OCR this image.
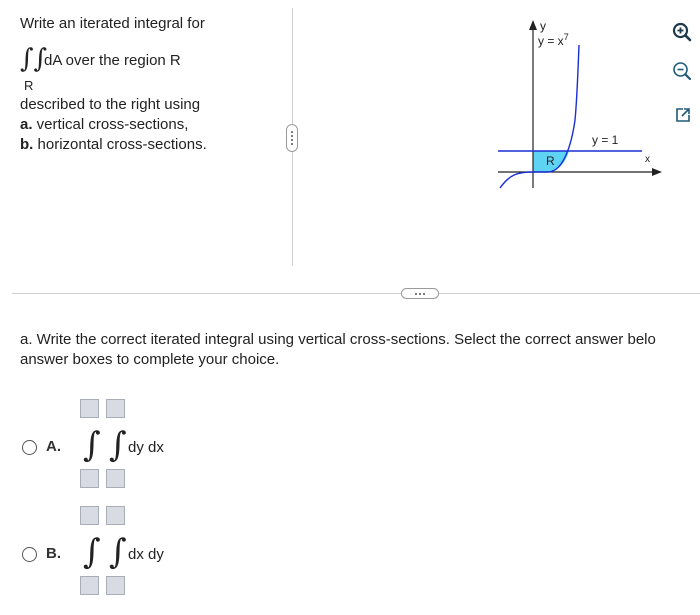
Write an iterated integral for
∫∫
dA over the region R
R
described to the right using
a. vertical cross-sections,
b. horizontal cross-sections.
y
$y = x^7$
y = 1
R	x
a. Write the correct iterated integral using vertical cross-sections. Select the correct answer belo
answer boxes to complete your choice.
A. ∫ ∫ dy dx
B. ∫ ∫ dx dy
